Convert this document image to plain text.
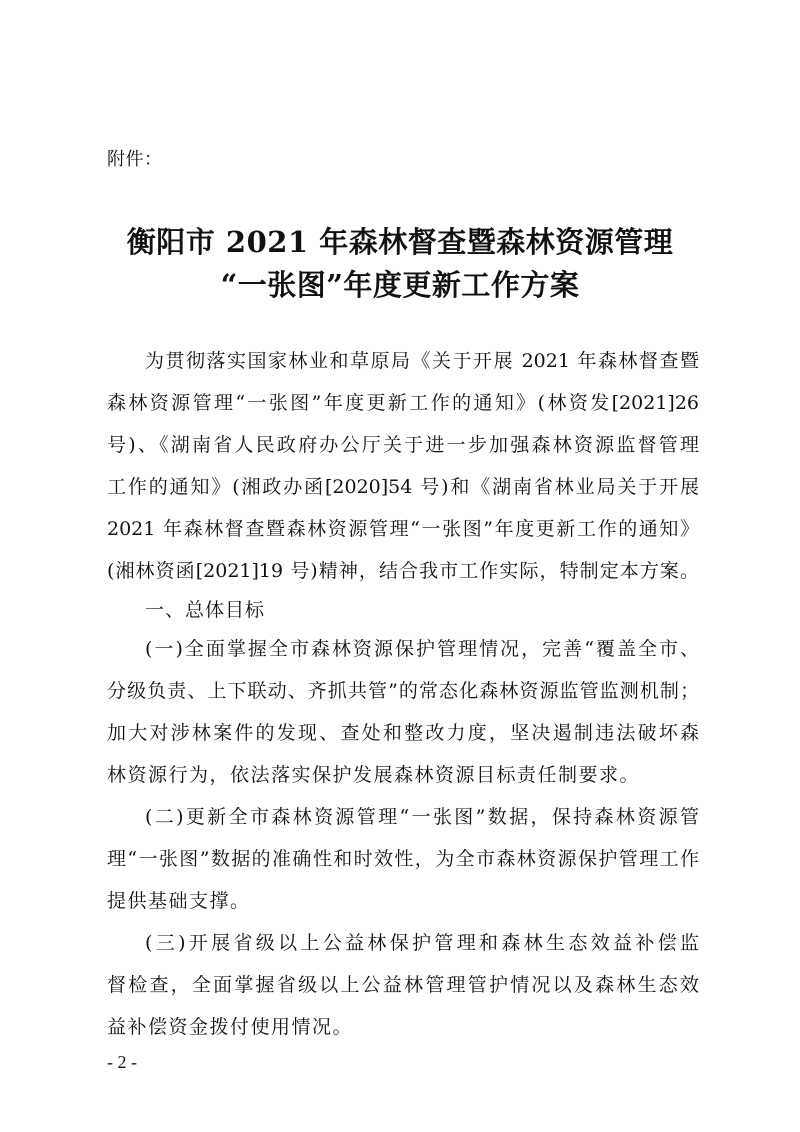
附件：
衡阳市 2021 年森林督查暨森林资源管理
“一张图”年度更新工作方案
为贯彻落实国家林业和草原局《关于开展 2021 年森林督查暨
森林资源管理“一张图”年度更新工作的通知》(林资发[2021]26
号)、《湖南省人民政府办公厅关于进一步加强森林资源监督管理
工作的通知》(湘政办函[2020]54 号)和《湖南省林业局关于开展
2021 年森林督查暨森林资源管理“一张图”年度更新工作的通知》
(湘林资函[2021]19 号)精神，结合我市工作实际，特制定本方案。
一、总体目标
(一)全面掌握全市森林资源保护管理情况，完善“覆盖全市、
分级负责、上下联动、齐抓共管”的常态化森林资源监管监测机制；
加大对涉林案件的发现、查处和整改力度，坚决遏制违法破坏森
林资源行为，依法落实保护发展森林资源目标责任制要求。
(二)更新全市森林资源管理“一张图”数据，保持森林资源管
理“一张图”数据的准确性和时效性，为全市森林资源保护管理工作
提供基础支撑。
(三)开展省级以上公益林保护管理和森林生态效益补偿监
督检查，全面掌握省级以上公益林管理管护情况以及森林生态效
益补偿资金拨付使用情况。
- 2 -
